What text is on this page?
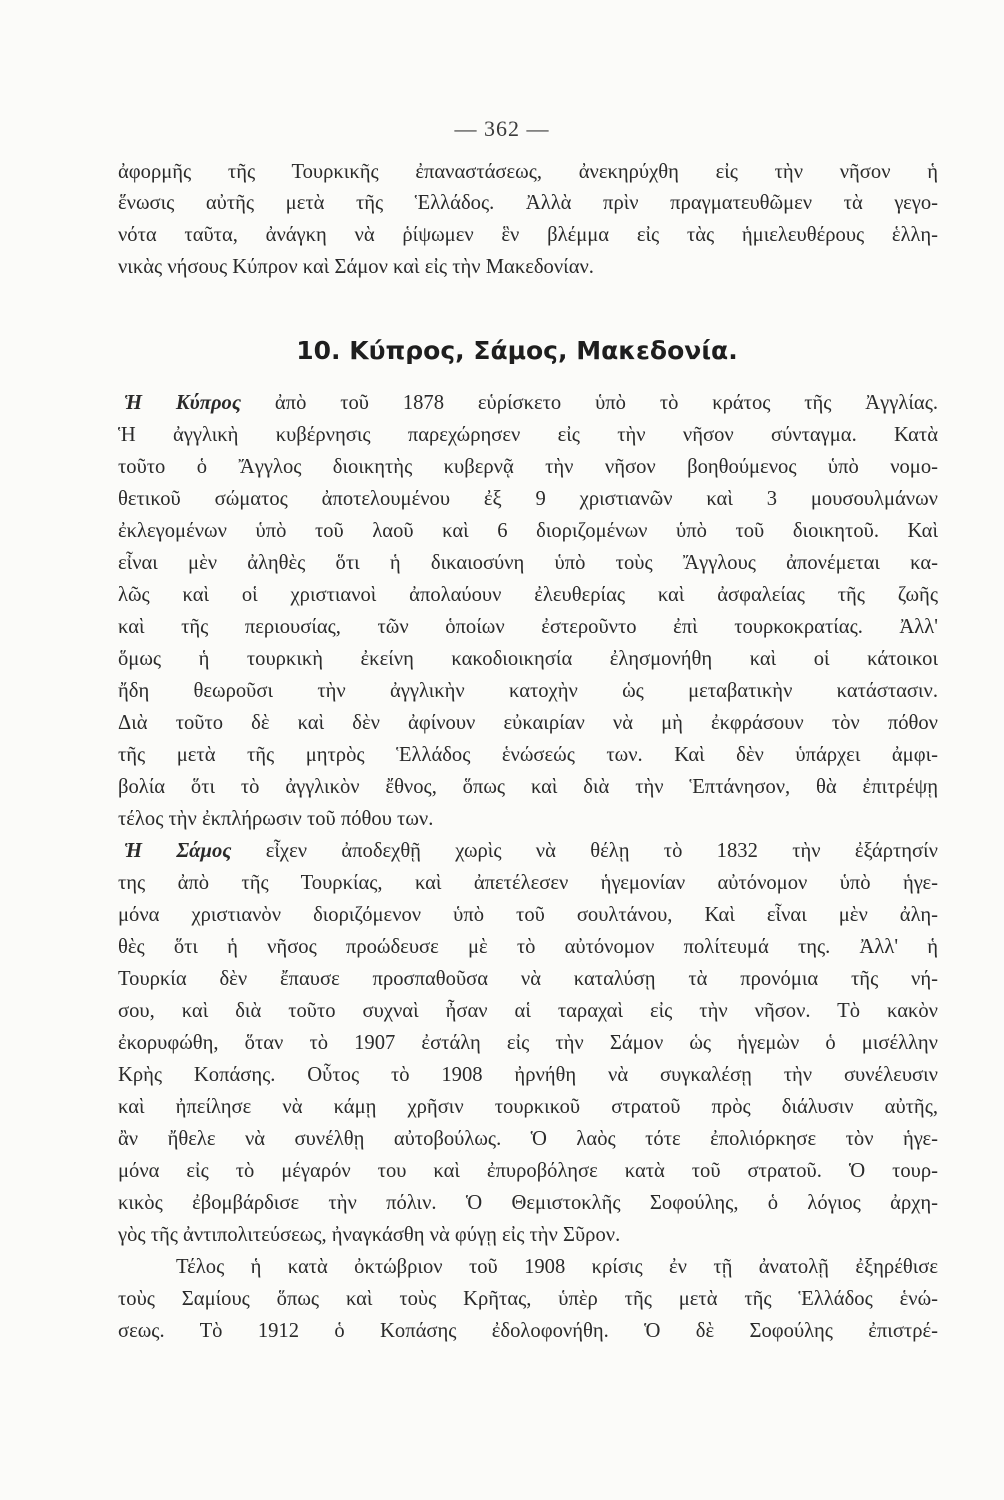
— 362 —
10. Κύπρος, Σάμος, Μακεδονία.
ἀφορμῆς τῆς Τουρκικῆς ἐπαναστάσεως, ἀνεκηρύχθη εἰς τὴν νῆσον ἡ
ἕνωσις αὐτῆς μετὰ τῆς Ἑλλάδος. Ἀλλὰ πρὶν πραγματευθῶμεν τὰ γεγο-
νότα ταῦτα, ἀνάγκη νὰ ῥίψωμεν ἓν βλέμμα εἰς τὰς ἡμιελευθέρους ἑλλη-
νικὰς νήσους Κύπρον καὶ Σάμον καὶ εἰς τὴν Μακεδονίαν.
Ἡ Κύπρος ἀπὸ τοῦ 1878 εὑρίσκετο ὑπὸ τὸ κράτος τῆς Ἀγγλίας.
Ἡ ἀγγλικὴ κυβέρνησις παρεχώρησεν εἰς τὴν νῆσον σύνταγμα. Κατὰ
τοῦτο ὁ Ἄγγλος διοικητὴς κυβερνᾷ τὴν νῆσον βοηθούμενος ὑπὸ νομο-
θετικοῦ σώματος ἀποτελουμένου ἐξ 9 χριστιανῶν καὶ 3 μουσουλμάνων
ἐκλεγομένων ὑπὸ τοῦ λαοῦ καὶ 6 διοριζομένων ὑπὸ τοῦ διοικητοῦ. Καὶ
εἶναι μὲν ἀληθὲς ὅτι ἡ δικαιοσύνη ὑπὸ τοὺς Ἄγγλους ἀπονέμεται κα-
λῶς καὶ οἱ χριστιανοὶ ἀπολαύουν ἐλευθερίας καὶ ἀσφαλείας τῆς ζωῆς
καὶ τῆς περιουσίας, τῶν ὁποίων ἐστεροῦντο ἐπὶ τουρκοκρατίας. Ἀλλ'
ὅμως ἡ τουρκικὴ ἐκείνη κακοδιοικησία ἐλησμονήθη καὶ οἱ κάτοικοι
ἤδη θεωροῦσι τὴν ἀγγλικὴν κατοχὴν ὡς μεταβατικὴν κατάστασιν.
Διὰ τοῦτο δὲ καὶ δὲν ἀφίνουν εὐκαιρίαν νὰ μὴ ἐκφράσουν τὸν πόθον
τῆς μετὰ τῆς μητρὸς Ἑλλάδος ἑνώσεώς των. Καὶ δὲν ὑπάρχει ἀμφι-
βολία ὅτι τὸ ἀγγλικὸν ἔθνος, ὅπως καὶ διὰ τὴν Ἑπτάνησον, θὰ ἐπιτρέψῃ
τέλος τὴν ἐκπλήρωσιν τοῦ πόθου των.
Ἡ Σάμος εἶχεν ἀποδεχθῇ χωρὶς νὰ θέλῃ τὸ 1832 τὴν ἐξάρτησίν
της ἀπὸ τῆς Τουρκίας, καὶ ἀπετέλεσεν ἡγεμονίαν αὐτόνομον ὑπὸ ἡγε-
μόνα χριστιανὸν διοριζόμενον ὑπὸ τοῦ σουλτάνου, Καὶ εἶναι μὲν ἀλη-
θὲς ὅτι ἡ νῆσος προώδευσε μὲ τὸ αὐτόνομον πολίτευμά της. Ἀλλ' ἡ
Τουρκία δὲν ἔπαυσε προσπαθοῦσα νὰ καταλύσῃ τὰ προνόμια τῆς νή-
σου, καὶ διὰ τοῦτο συχναὶ ἦσαν αἱ ταραχαὶ εἰς τὴν νῆσον. Τὸ κακὸν
ἐκορυφώθη, ὅταν τὸ 1907 ἐστάλη εἰς τὴν Σάμον ὡς ἡγεμὼν ὁ μισέλλην
Κρὴς Κοπάσης. Οὗτος τὸ 1908 ἠρνήθη νὰ συγκαλέσῃ τὴν συνέλευσιν
καὶ ἠπείλησε νὰ κάμῃ χρῆσιν τουρκικοῦ στρατοῦ πρὸς διάλυσιν αὐτῆς,
ἂν ἤθελε νὰ συνέλθῃ αὐτοβούλως. Ὁ λαὸς τότε ἐπολιόρκησε τὸν ἡγε-
μόνα εἰς τὸ μέγαρόν του καὶ ἐπυροβόλησε κατὰ τοῦ στρατοῦ. Ὁ τουρ-
κικὸς ἐβομβάρδισε τὴν πόλιν. Ὁ Θεμιστοκλῆς Σοφούλης, ὁ λόγιος ἀρχη-
γὸς τῆς ἀντιπολιτεύσεως, ἠναγκάσθη νὰ φύγῃ εἰς τὴν Σῦρον.
Τέλος ἡ κατὰ ὀκτώβριον τοῦ 1908 κρίσις ἐν τῇ ἀνατολῇ ἐξηρέθισε
τοὺς Σαμίους ὅπως καὶ τοὺς Κρῆτας, ὑπὲρ τῆς μετὰ τῆς Ἑλλάδος ἑνώ-
σεως. Τὸ 1912 ὁ Κοπάσης ἐδολοφονήθη. Ὁ δὲ Σοφούλης ἐπιστρέ-
